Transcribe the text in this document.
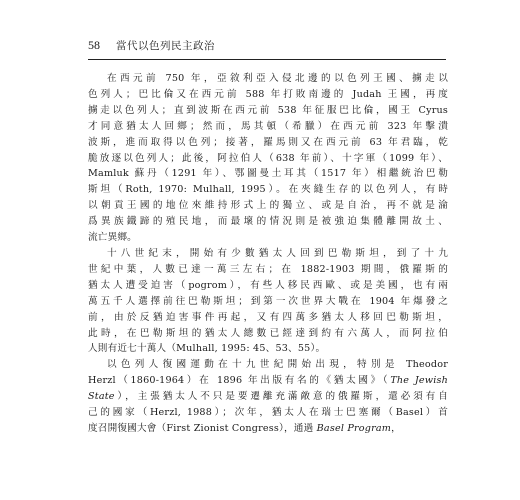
58 當代以色列民主政治

在西元前 750 年，亞敘利亞入侵北邊的以色列王國、擄走以
色列人；巴比倫又在西元前 588 年打敗南邊的 Judah 王國，再度
擄走以色列人；直到波斯在西元前 538 年征服巴比倫，國王 Cyrus
才同意猶太人回鄉；然而，馬其頓（希臘）在西元前 323 年擊潰
波斯，進而取得以色列；接著，羅馬則又在西元前 63 年君臨，乾
脆放逐以色列人；此後，阿拉伯人（638 年前）、十字軍（1099 年）、
Mamluk 蘇丹（1291 年）、鄂圖曼土耳其（1517 年）相繼統治巴勒
斯坦（Roth, 1970: Mulhall, 1995）。在夾縫生存的以色列人，有時
以朝貢王國的地位來維持形式上的獨立、或是自治，再不就是淪
爲異族鐵蹄的殖民地，而最壞的情況則是被強迫集體離開故土、
流亡異鄉。

十八世紀末，開始有少數猶太人回到巴勒斯坦，到了十九
世紀中葉，人數已達一萬三左右；在 1882-1903 期間，俄羅斯的
猶太人遭受迫害（pogrom），有些人移民西歐、或是美國，也有兩
萬五千人選擇前往巴勒斯坦；到第一次世界大戰在 1904 年爆發之
前，由於反猶迫害事件再起，又有四萬多猶太人移回巴勒斯坦，
此時，在巴勒斯坦的猶太人總數已經達到約有六萬人，而阿拉伯
人則有近七十萬人（Mulhall, 1995: 45、53、55）。

以色列人復國運動在十九世紀開始出現，特別是 Theodor
Herzl（1860-1964）在 1896 年出版有名的《猶太國》（The Jewish
State），主張猶太人不只是要遷離充滿敵意的俄羅斯，還必須有自
己的國家（Herzl, 1988）；次年，猶太人在瑞士巴塞爾（Basel）首
度召開復國大會（First Zionist Congress），通過 Basel Program，
